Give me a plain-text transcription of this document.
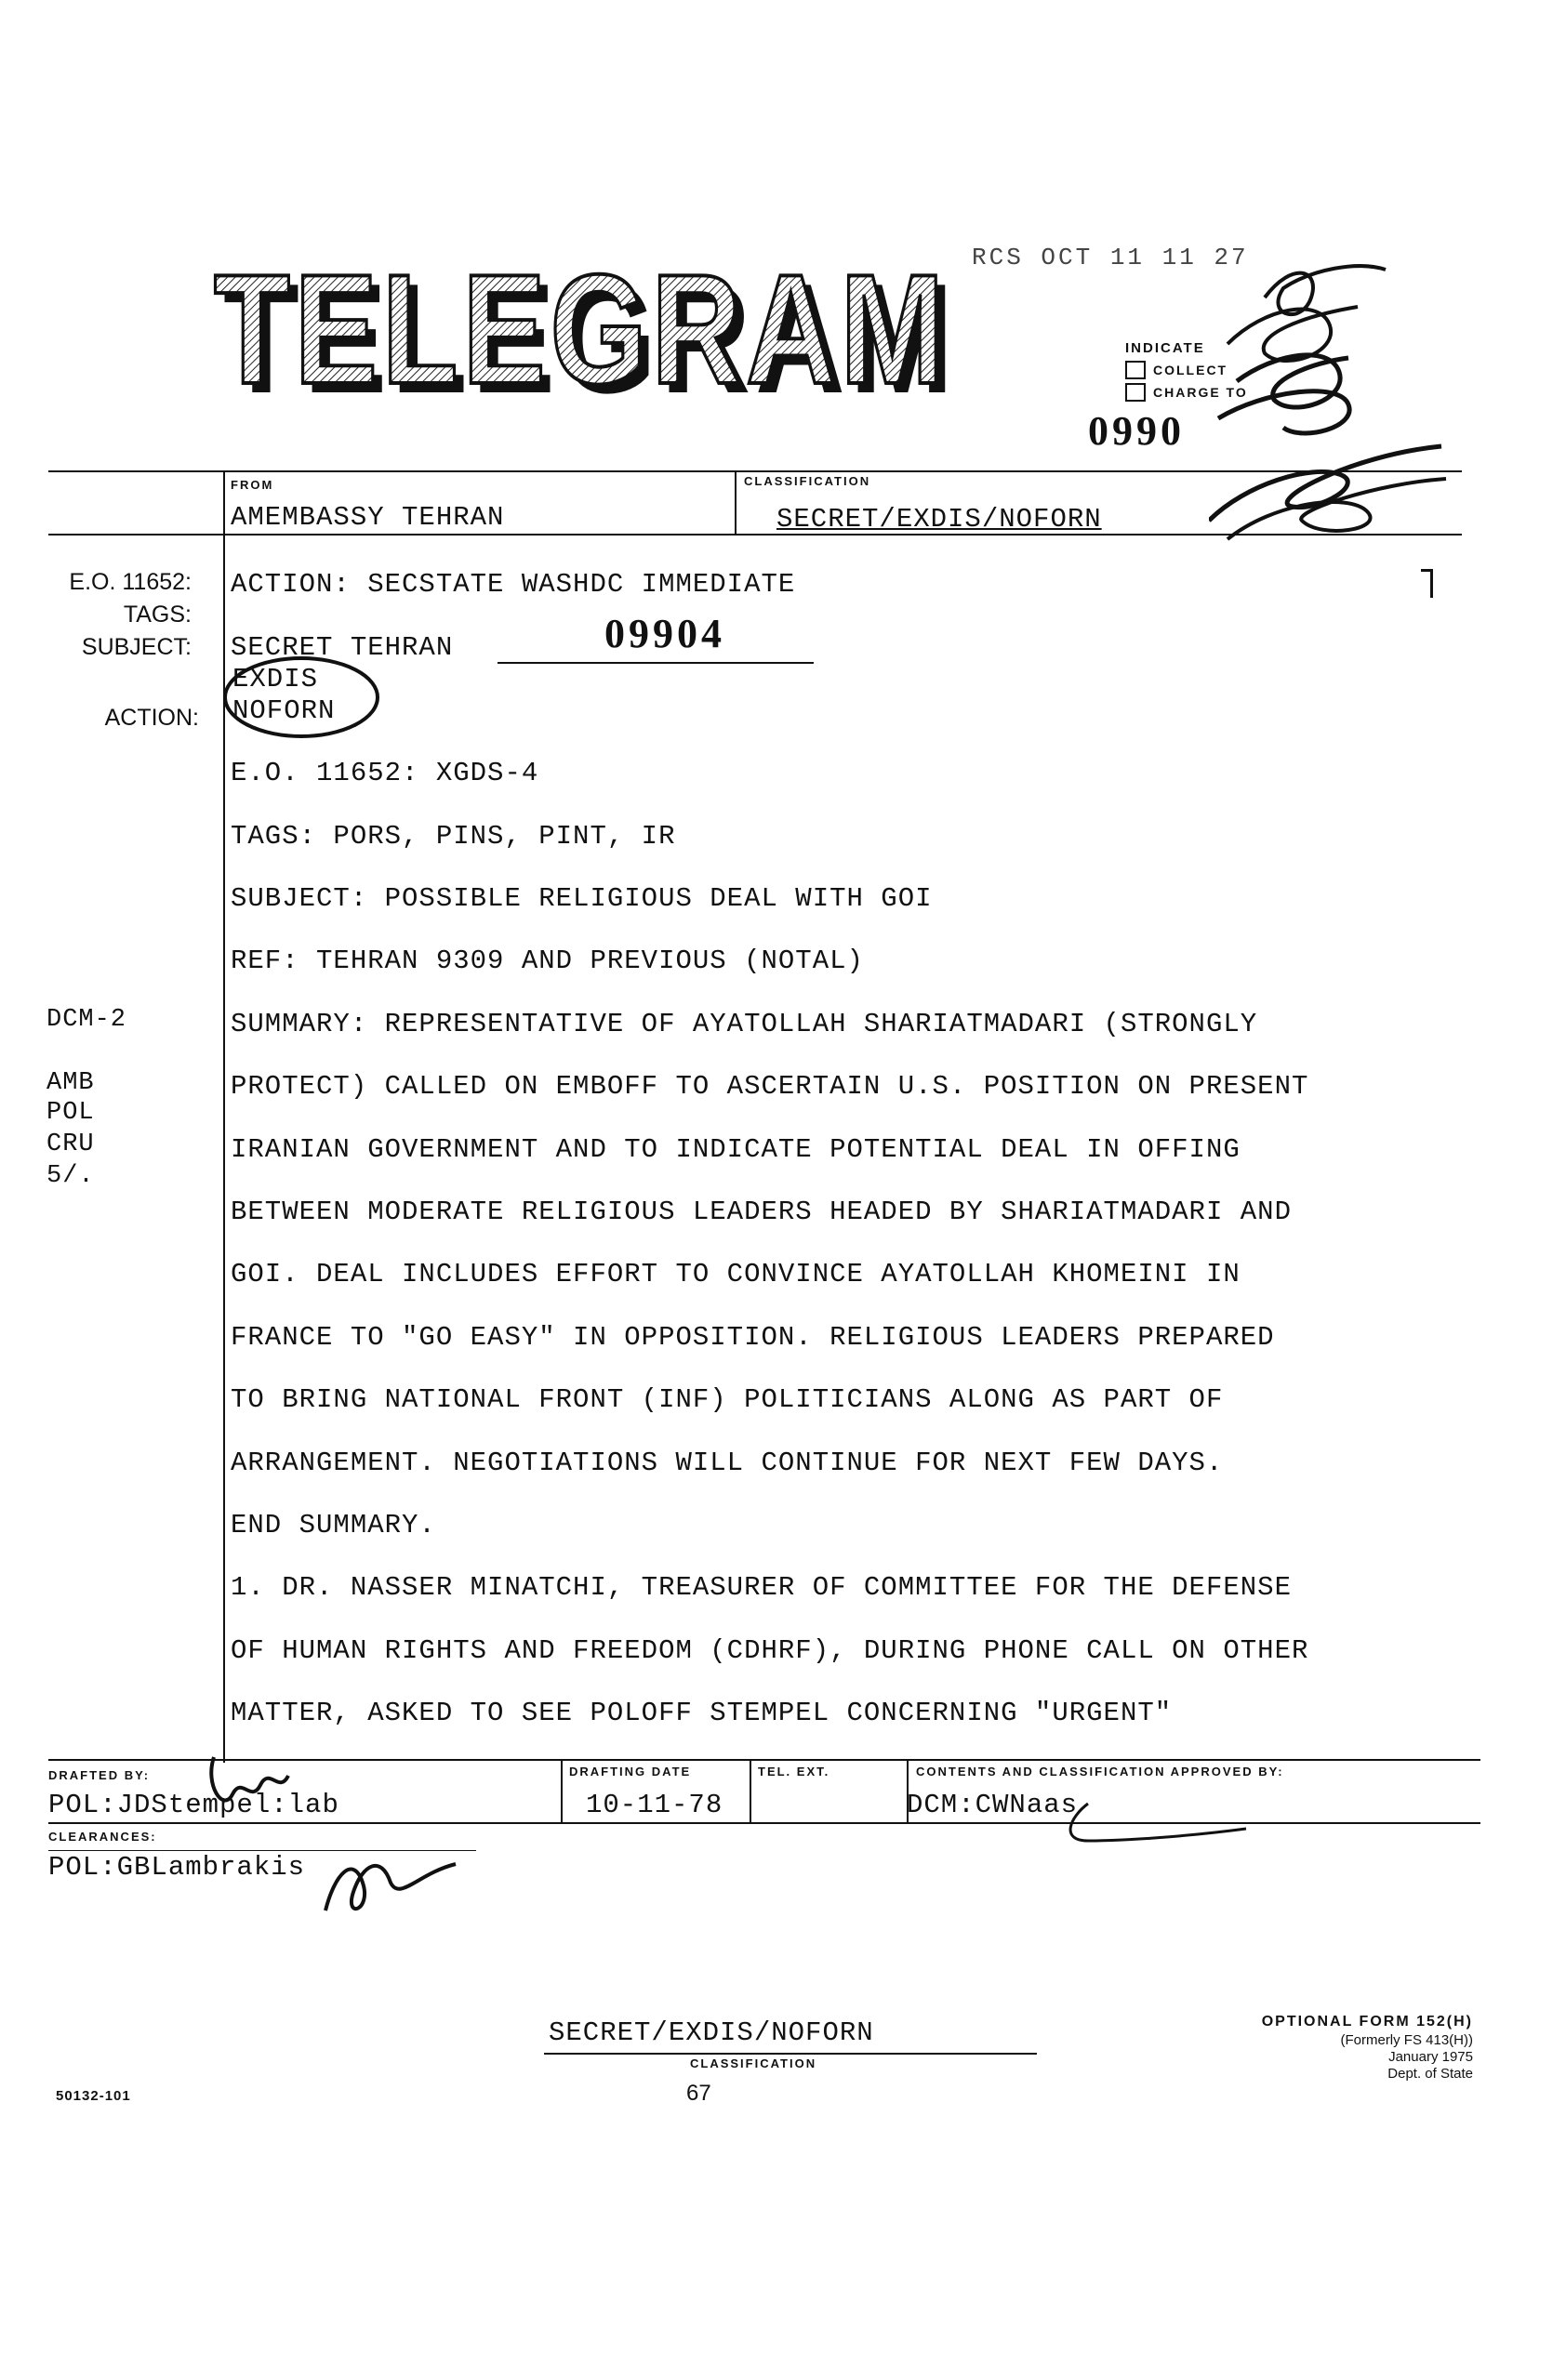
TELEGRAM
TELEGRAM RCS OCT 11 11 27
INDICATE
COLLECT
CHARGE TO
0990
FROM
AMEMBASSY TEHRAN
CLASSIFICATION
SECRET/EXDIS/NOFORN
E.O. 11652:
TAGS:
SUBJECT:
ACTION:
DCM-2
AMB
POL
CRU
5/.
ACTION: SECSTATE WASHDC IMMEDIATE
SECRET TEHRAN	09904
EXDIS
NOFORN
E.O. 11652: XGDS-4
TAGS: PORS, PINS, PINT, IR
SUBJECT: POSSIBLE RELIGIOUS DEAL WITH GOI
REF: TEHRAN 9309 AND PREVIOUS (NOTAL)
SUMMARY: REPRESENTATIVE OF AYATOLLAH SHARIATMADARI (STRONGLY
PROTECT) CALLED ON EMBOFF TO ASCERTAIN U.S. POSITION ON PRESENT
IRANIAN GOVERNMENT AND TO INDICATE POTENTIAL DEAL IN OFFING
BETWEEN MODERATE RELIGIOUS LEADERS HEADED BY SHARIATMADARI AND
GOI. DEAL INCLUDES EFFORT TO CONVINCE AYATOLLAH KHOMEINI IN
FRANCE TO "GO EASY" IN OPPOSITION. RELIGIOUS LEADERS PREPARED
TO BRING NATIONAL FRONT (INF) POLITICIANS ALONG AS PART OF
ARRANGEMENT. NEGOTIATIONS WILL CONTINUE FOR NEXT FEW DAYS.
END SUMMARY.
1. DR. NASSER MINATCHI, TREASURER OF COMMITTEE FOR THE DEFENSE
OF HUMAN RIGHTS AND FREEDOM (CDHRF), DURING PHONE CALL ON OTHER
MATTER, ASKED TO SEE POLOFF STEMPEL CONCERNING "URGENT"
DRAFTED BY:
POL:JDStempel:lab
DRAFTING DATE
10-11-78
TEL. EXT.	CONTENTS AND CLASSIFICATION APPROVED BY:
DCM:CWNaas
CLEARANCES:
POL:GBLambrakis
SECRET/EXDIS/NOFORN
CLASSIFICATION
67
50132-101
OPTIONAL FORM 152(H)
(Formerly FS 413(H))
January 1975
Dept. of State
